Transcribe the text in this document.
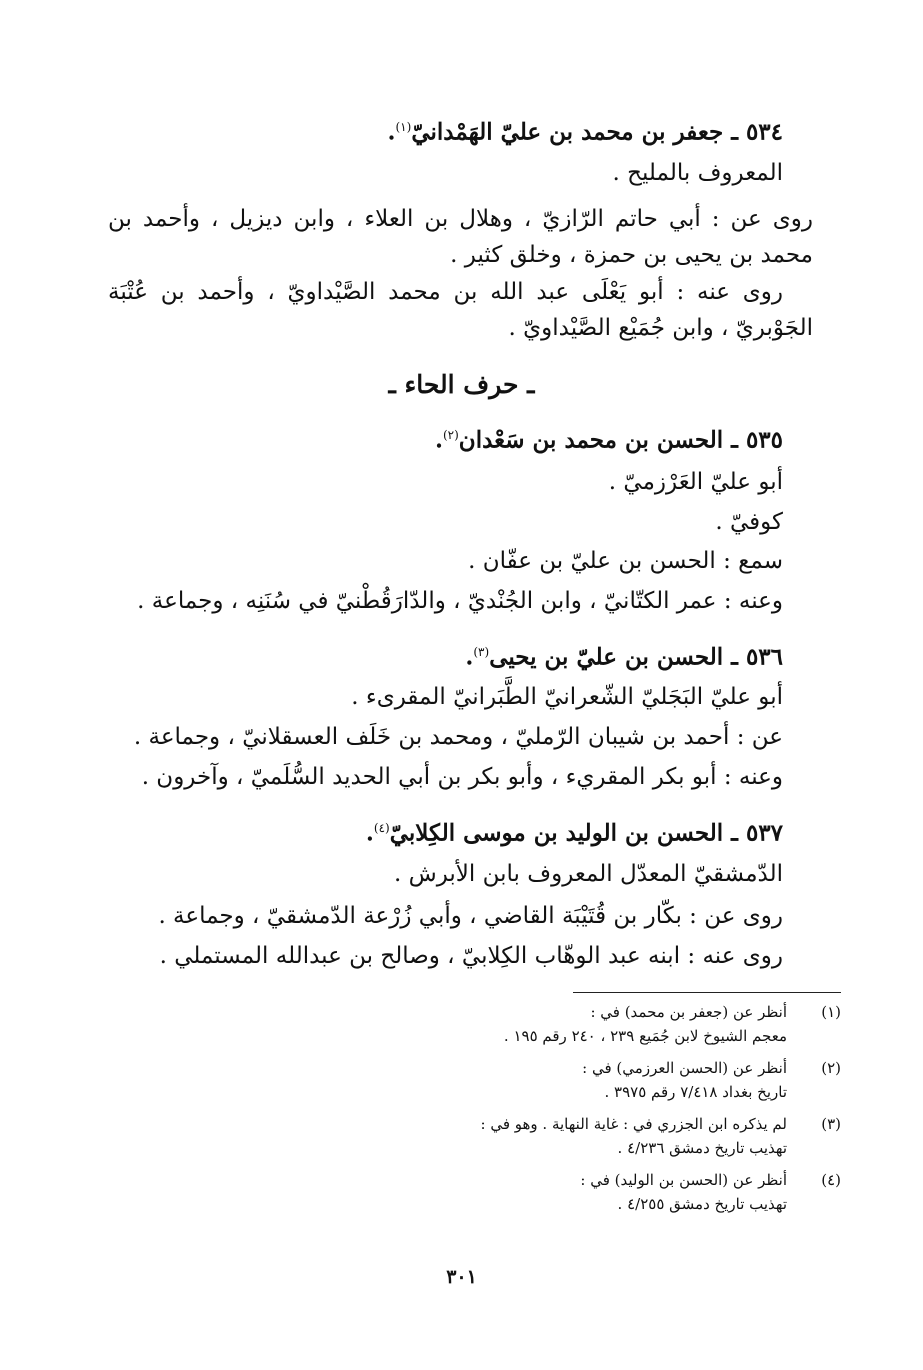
٥٣٤ ـ جعفر بن محمد بن عليّ الهَمْدانيّ$^{(١)}$.
المعروف بالمليح .
روى عن : أبي حاتم الرّازيّ ، وهلال بن العلاء ، وابن ديزيل ، وأحمد بن
محمد بن يحيى بن حمزة ، وخلق كثير .
روى عنه : أبو يَعْلَى عبد الله بن محمد الصَّيْداويّ ، وأحمد بن عُتْبَة
الجَوْبريّ ، وابن جُمَيْع الصَّيْداويّ .
ـ حرف الحاء ـ
٥٣٥ ـ الحسن بن محمد بن سَعْدان$^{(٢)}$.
أبو عليّ العَرْزميّ .
كوفيّ .
سمع : الحسن بن عليّ بن عفّان .
وعنه : عمر الكتّانيّ ، وابن الجُنْديّ ، والدّارَقُطْنيّ في سُنَنِه ، وجماعة .
٥٣٦ ـ الحسن بن عليّ بن يحيى$^{(٣)}$.
أبو عليّ البَجَليّ الشّعرانيّ الطَّبَرانيّ المقرىء .
عن : أحمد بن شيبان الرّمليّ ، ومحمد بن خَلَف العسقلانيّ ، وجماعة .
وعنه : أبو بكر المقريء ، وأبو بكر بن أبي الحديد السُّلَميّ ، وآخرون .
٥٣٧ ـ الحسن بن الوليد بن موسى الكِلابيّ$^{(٤)}$.
الدّمشقيّ المعدّل المعروف بابن الأبرش .
روى عن : بكّار بن قُتَيْبَة القاضي ، وأبي زُرْعة الدّمشقيّ ، وجماعة .
روى عنه : ابنه عبد الوهّاب الكِلابيّ ، وصالح بن عبدالله المستملي .
(١)
أنظر عن (جعفر بن محمد) في :
معجم الشيوخ لابن جُمَيع ٢٣٩ ، ٢٤٠ رقم ١٩٥ .
(٢)
أنظر عن (الحسن العرزمي) في :
تاريخ بغداد ٧/٤١٨ رقم ٣٩٧٥ .
(٣)
لم يذكره ابن الجزري في : غاية النهاية . وهو في :
تهذيب تاريخ دمشق ٤/٢٣٦ .
(٤)
أنظر عن (الحسن بن الوليد) في :
تهذيب تاريخ دمشق ٤/٢٥٥ .
٣٠١
